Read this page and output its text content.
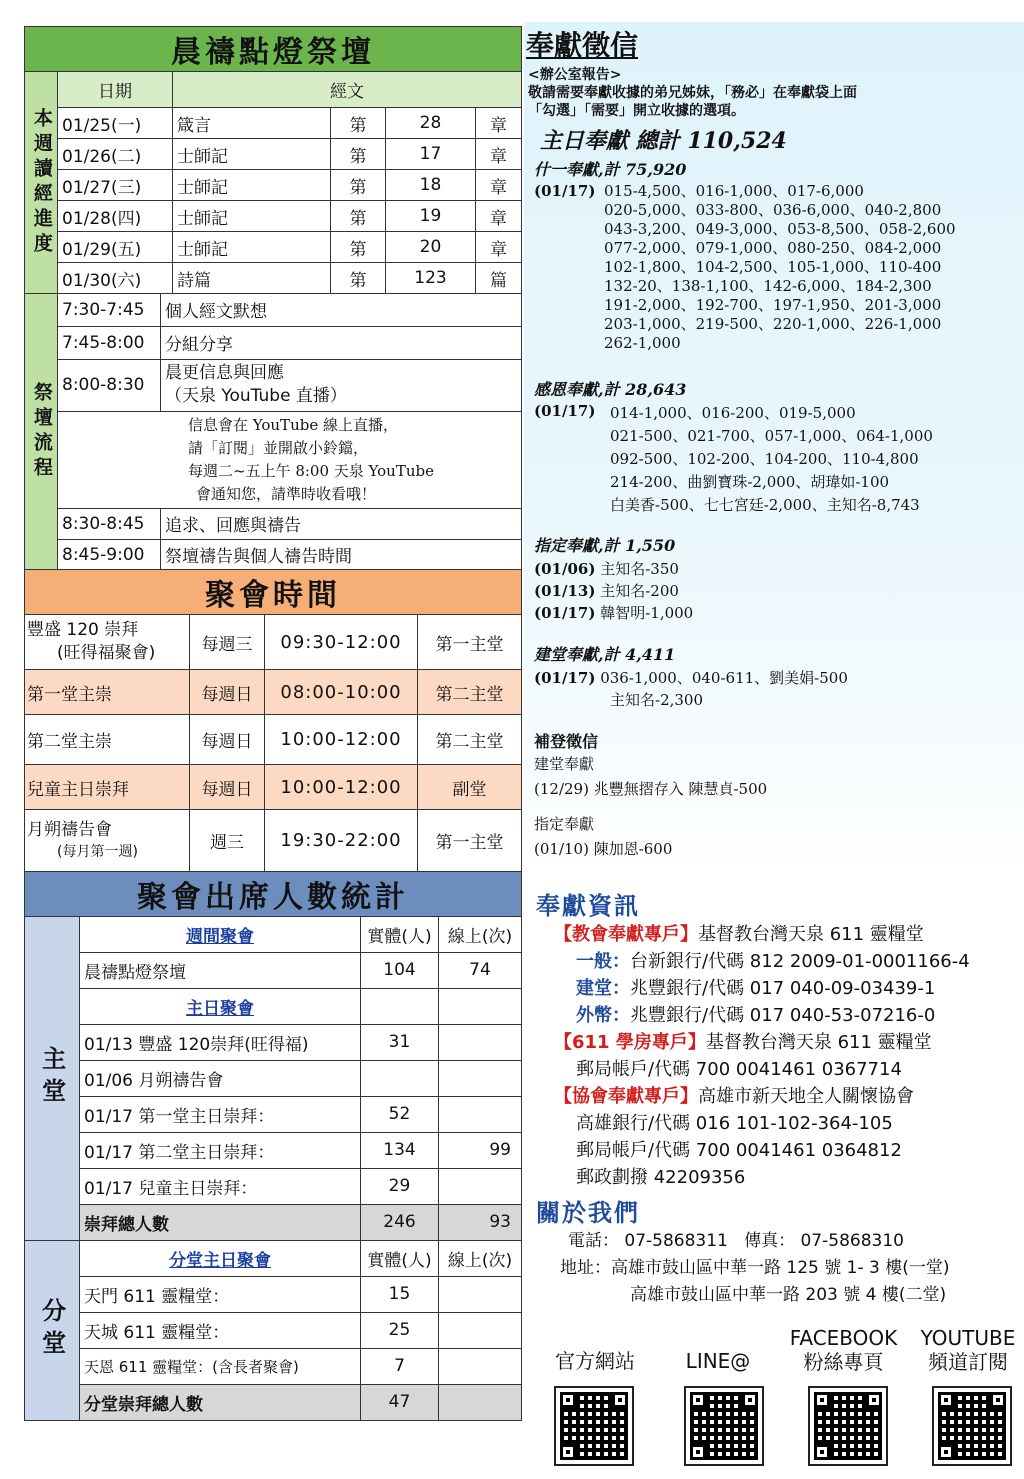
晨禱點燈祭壇					
本週讀經進度	日期	經文			
	01/25(一)	箴言	第	28	章
	01/26(二)	士師記	第	17	章
	01/27(三)	士師記	第	18	章
	01/28(四)	士師記	第	19	章
	01/29(五)	士師記	第	20	章
	01/30(六)	詩篇	第	123	篇
祭壇流程	7:30-7:45	個人經文默想
	7:45-8:00	分組分享
	8:00-8:30	晨更信息與回應
（天泉 YouTube 直播）

	信息會在 YouTube 線上直播，
請「訂閱」並開啟小鈴鐺，
每週二~五上午 8:00 天泉 YouTube
會通知您，請準時收看哦！	

	8:30-8:45	追求、回應與禱告
	8:45-9:00	祭壇禱告與個人禱告時間
聚會時間			

豐盛 120 崇拜
(旺得福聚會)	每週三	09:30-12:00	第一主堂
第一堂主崇	每週日	08:00-10:00	第二主堂
第二堂主崇	每週日	10:00-12:00	第二主堂
兒童主日崇拜	每週日	10:00-12:00	副堂

月朔禱告會
(每月第一週)	週三	19:30-22:00	第一主堂
聚會出席人數統計			
主堂	週間聚會	實體(人)	線上(次)
	晨禱點燈祭壇	104	74
	主日聚會		
	01/13 豐盛 120崇拜(旺得福)	31	
	01/06 月朔禱告會		
	01/17 第一堂主日崇拜：	52	
	01/17 第二堂主日崇拜：	134	99
	01/17 兒童主日崇拜：	29	
	崇拜總人數	246	93
分堂	分堂主日聚會	實體(人)	線上(次)
	天門 611 靈糧堂：	15	
	天城 611 靈糧堂：	25	
	天恩 611 靈糧堂：(含長者聚會)	7	
	分堂崇拜總人數	47	
奉獻徵信
<辦公室報告>
敬請需要奉獻收據的弟兄姊妹，「務必」在奉獻袋上面
「勾選」「需要」開立收據的選項。
主日奉獻 總計 110,524
什一奉獻,計 75,920
(01/17) 015-4,500、016-1,000、017-6,000
020-5,000、033-800、036-6,000、040-2,800
043-3,200、049-3,000、053-8,500、058-2,600
077-2,000、079-1,000、080-250、084-2,000
102-1,800、104-2,500、105-1,000、110-400
132-20、138-1,100、142-6,000、184-2,300
191-2,000、192-700、197-1,950、201-3,000
203-1,000、219-500、220-1,000、226-1,000
262-1,000
感恩奉獻,計 28,643
(01/17) 014-1,000、016-200、019-5,000
021-500、021-700、057-1,000、064-1,000
092-500、102-200、104-200、110-4,800
214-200、曲劉寶珠-2,000、胡瑋如-100
白美香-500、七七宮廷-2,000、主知名-8,743
指定奉獻,計 1,550
(01/06) 主知名-350
(01/13) 主知名-200
(01/17) 韓智明-1,000
建堂奉獻,計 4,411
(01/17) 036-1,000、040-611、劉美娟-500
主知名-2,300
補登徵信
建堂奉獻
(12/29) 兆豐無摺存入 陳慧貞-500
指定奉獻
(01/10) 陳加恩-600
奉獻資訊
【教會奉獻專戶】基督教台灣天泉 611 靈糧堂
一般：台新銀行/代碼 812 2009-01-0001166-4
建堂：兆豐銀行/代碼 017 040-09-03439-1
外幣：兆豐銀行/代碼 017 040-53-07216-0
【611 學房專戶】基督教台灣天泉 611 靈糧堂
郵局帳戶/代碼 700 0041461 0367714
【協會奉獻專戶】高雄市新天地全人關懷協會
高雄銀行/代碼 016 101-102-364-105
郵局帳戶/代碼 700 0041461 0364812
郵政劃撥 42209356
關於我們
電話： 07-5868311   傳真： 07-5868310
地址：高雄市鼓山區中華一路 125 號 1- 3 樓(一堂)
高雄市鼓山區中華一路 203 號 4 樓(二堂)
官方網站	LINE@
FACEBOOK
粉絲專頁
YOUTUBE
頻道訂閱
